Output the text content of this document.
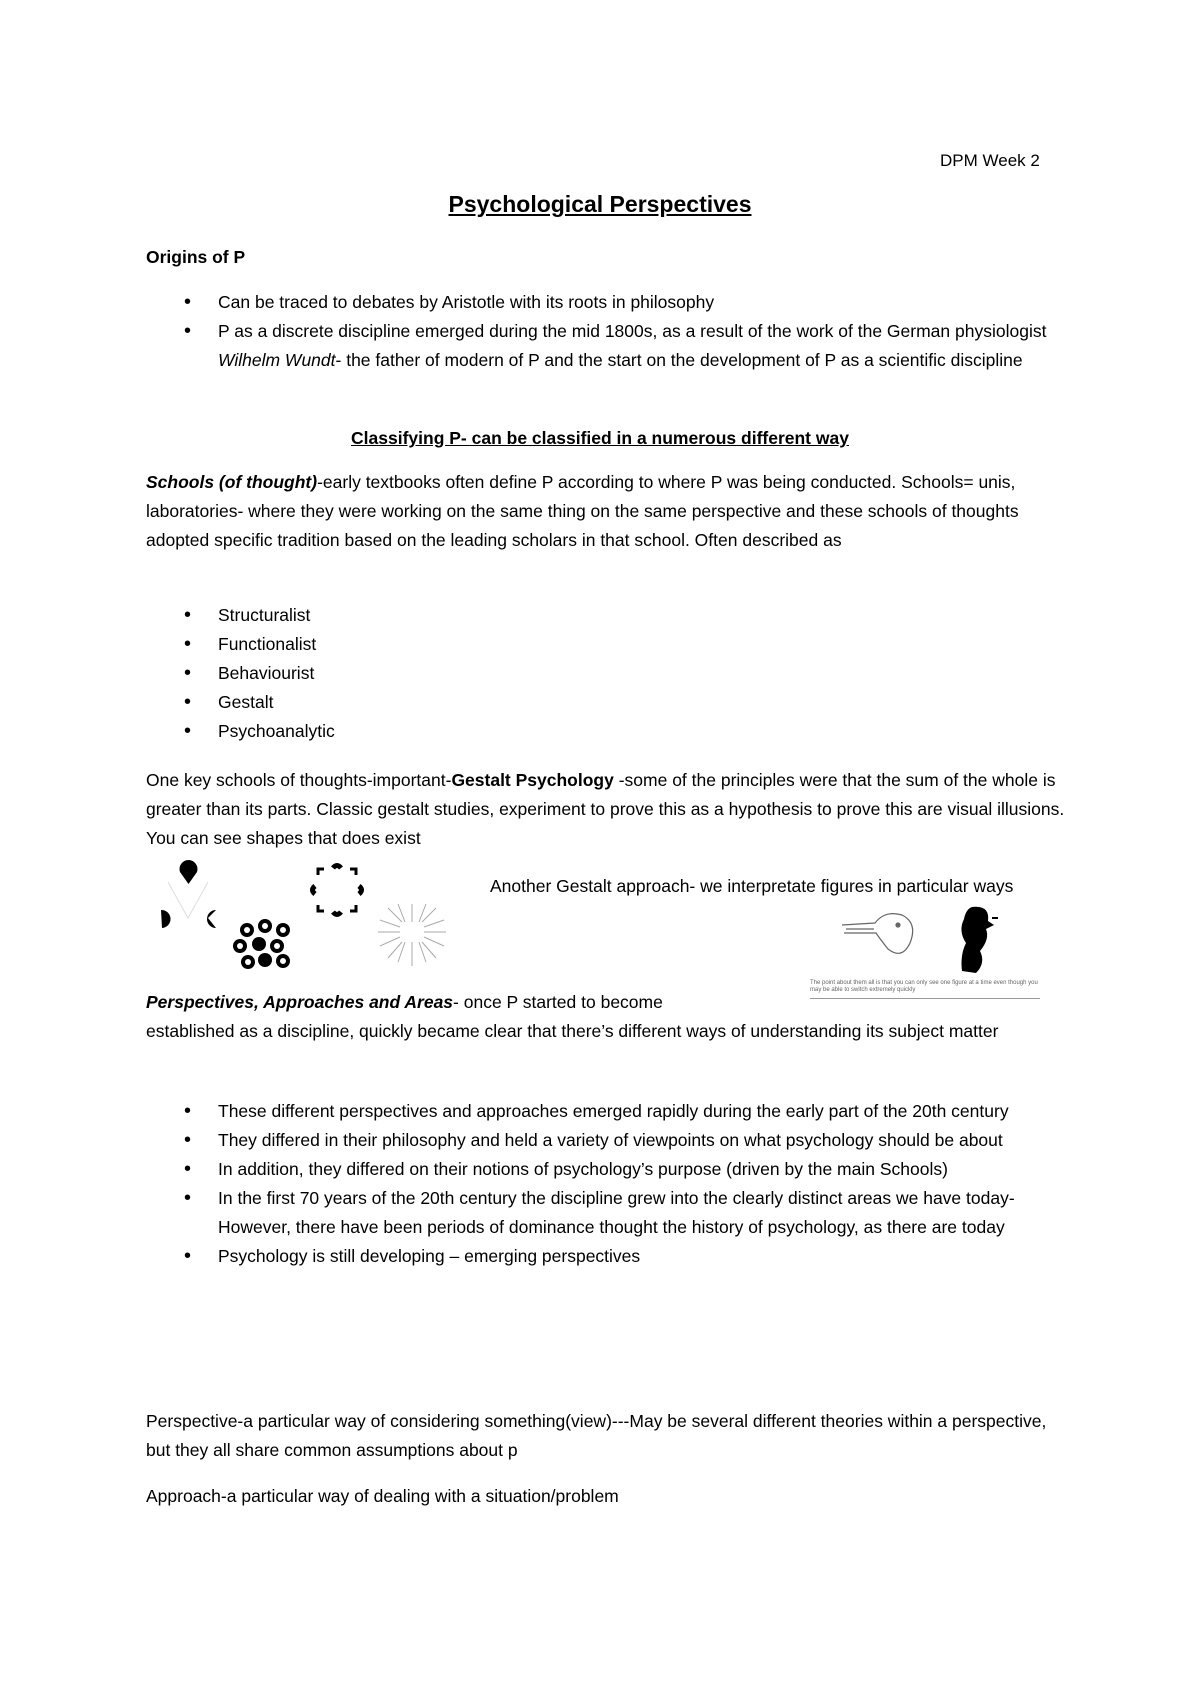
DPM Week 2
Psychological Perspectives
Origins of P
• Can be traced to debates by Aristotle with its roots in philosophy
• P as a discrete discipline emerged during the mid 1800s, as a result of the work of the German physiologist Wilhelm Wundt- the father of modern of P and the start on the development of P as a scientific discipline
Classifying P- can be classified in a numerous different way

Schools (of thought)-early textbooks often define P according to where P was being conducted. Schools= unis, laboratories- where they were working on the same thing on the same perspective and these schools of thoughts adopted specific tradition based on the leading scholars in that school. Often described as

• Structuralist
• Functionalist
• Behaviourist
• Gestalt
• Psychoanalytic

One key schools of thoughts-important-Gestalt Psychology -some of the principles were that the sum of the whole is greater than its parts. Classic gestalt studies, experiment to prove this as a hypothesis to prove this are visual illusions. You can see shapes that does exist

Another Gestalt approach- we interpretate figures in particular ways

The point about them all is that you can only see one figure at a time even though you may be able to switch extremely quickly

Perspectives, Approaches and Areas- once P started to become

established as a discipline, quickly became clear that there’s different ways of understanding its subject matter

• These different perspectives and approaches emerged rapidly during the early part of the 20th century
• They differed in their philosophy and held a variety of viewpoints on what psychology should be about
• In addition, they differed on their notions of psychology’s purpose (driven by the main Schools)
• In the first 70 years of the 20th century the discipline grew into the clearly distinct areas we have today-However, there have been periods of dominance thought the history of psychology, as there are today
• Psychology is still developing – emerging perspectives

Perspective-a particular way of considering something(view)---May be several different theories within a perspective, but they all share common assumptions about p

Approach-a particular way of dealing with a situation/problem
